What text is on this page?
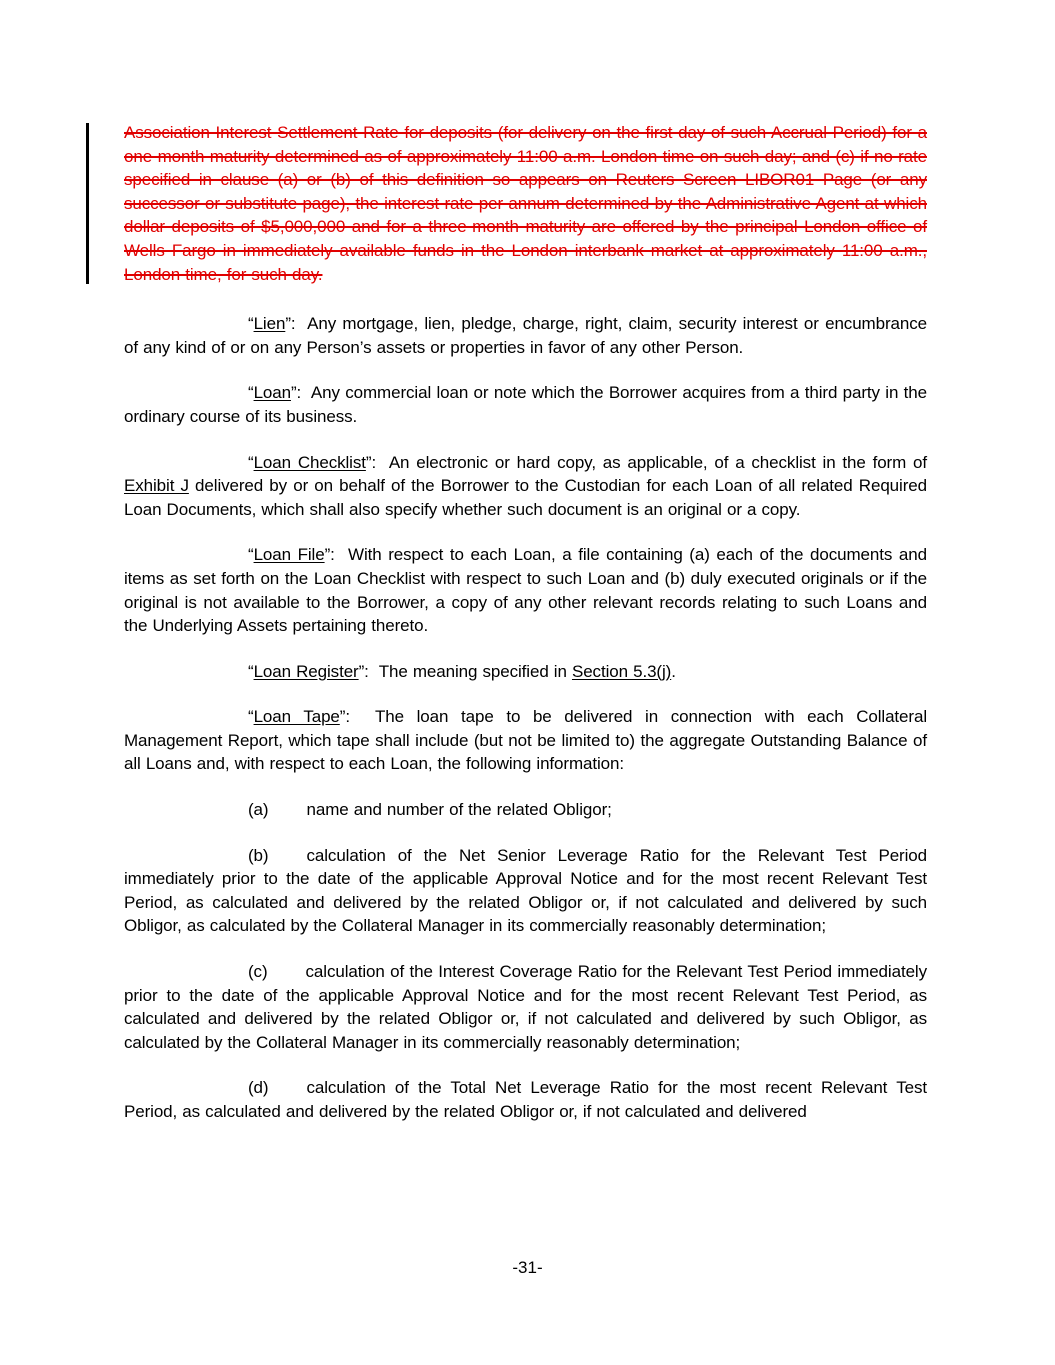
Association Interest Settlement Rate for deposits (for delivery on the first day of such Accrual Period) for a one-month maturity determined as of approximately 11:00 a.m. London time on such day; and (c) if no rate specified in clause (a) or (b) of this definition so appears on Reuters Screen LIBOR01 Page (or any successor or substitute page), the interest rate per annum determined by the Administrative Agent at which dollar deposits of $5,000,000 and for a three-month maturity are offered by the principal London office of Wells Fargo in immediately available funds in the London interbank market at approximately 11:00 a.m., London time, for such day.

“Lien”:  Any mortgage, lien, pledge, charge, right, claim, security interest or encumbrance of any kind of or on any Person’s assets or properties in favor of any other Person.

“Loan”:  Any commercial loan or note which the Borrower acquires from a third party in the ordinary course of its business.

“Loan Checklist”:  An electronic or hard copy, as applicable, of a checklist in the form of Exhibit J delivered by or on behalf of the Borrower to the Custodian for each Loan of all related Required Loan Documents, which shall also specify whether such document is an original or a copy.

“Loan File”:  With respect to each Loan, a file containing (a) each of the documents and items as set forth on the Loan Checklist with respect to such Loan and (b) duly executed originals or if the original is not available to the Borrower, a copy of any other relevant records relating to such Loans and the Underlying Assets pertaining thereto.

“Loan Register”:  The meaning specified in Section 5.3(j).

“Loan Tape”:  The loan tape to be delivered in connection with each Collateral Management Report, which tape shall include (but not be limited to) the aggregate Outstanding Balance of all Loans and, with respect to each Loan, the following information:

(a) name and number of the related Obligor;

(b) calculation of the Net Senior Leverage Ratio for the Relevant Test Period immediately prior to the date of the applicable Approval Notice and for the most recent Relevant Test Period, as calculated and delivered by the related Obligor or, if not calculated and delivered by such Obligor, as calculated by the Collateral Manager in its commercially reasonably determination;

(c) calculation of the Interest Coverage Ratio for the Relevant Test Period immediately prior to the date of the applicable Approval Notice and for the most recent Relevant Test Period, as calculated and delivered by the related Obligor or, if not calculated and delivered by such Obligor, as calculated by the Collateral Manager in its commercially reasonably determination;

(d) calculation of the Total Net Leverage Ratio for the most recent Relevant Test Period, as calculated and delivered by the related Obligor or, if not calculated and delivered

-31-
